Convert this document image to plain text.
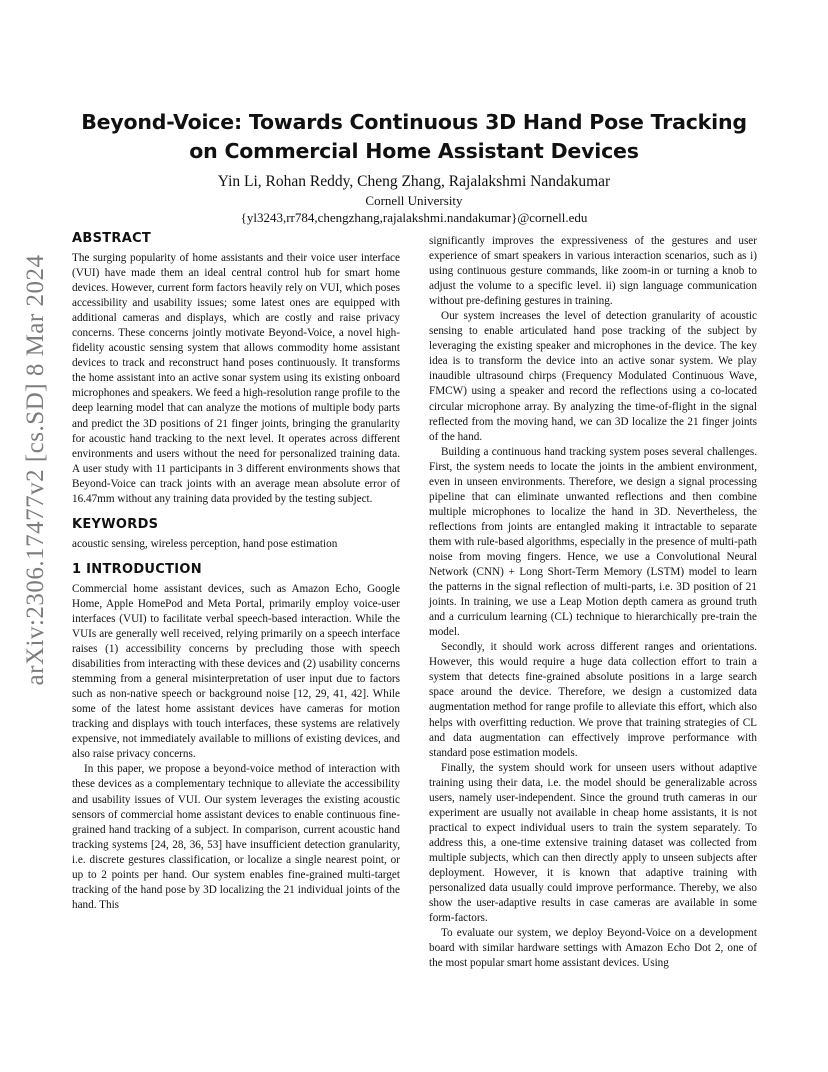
arXiv:2306.17477v2 [cs.SD] 8 Mar 2024
Beyond-Voice: Towards Continuous 3D Hand Pose Tracking on Commercial Home Assistant Devices
Yin Li, Rohan Reddy, Cheng Zhang, Rajalakshmi Nandakumar
Cornell University
{yl3243,rr784,chengzhang,rajalakshmi.nandakumar}@cornell.edu
ABSTRACT

The surging popularity of home assistants and their voice user interface (VUI) have made them an ideal central control hub for smart home devices. However, current form factors heavily rely on VUI, which poses accessibility and usability issues; some latest ones are equipped with additional cameras and displays, which are costly and raise privacy concerns. These concerns jointly motivate Beyond-Voice, a novel high-fidelity acoustic sensing system that allows commodity home assistant devices to track and reconstruct hand poses continuously. It transforms the home assistant into an active sonar system using its existing onboard microphones and speakers. We feed a high-resolution range profile to the deep learning model that can analyze the motions of multiple body parts and predict the 3D positions of 21 finger joints, bringing the granularity for acoustic hand tracking to the next level. It operates across different environments and users without the need for personalized training data. A user study with 11 participants in 3 different environments shows that Beyond-Voice can track joints with an average mean absolute error of 16.47mm without any training data provided by the testing subject.

KEYWORDS

acoustic sensing, wireless perception, hand pose estimation

1 INTRODUCTION

Commercial home assistant devices, such as Amazon Echo, Google Home, Apple HomePod and Meta Portal, primarily employ voice-user interfaces (VUI) to facilitate verbal speech-based interaction. While the VUIs are generally well received, relying primarily on a speech interface raises (1) accessibility concerns by precluding those with speech disabilities from interacting with these devices and (2) usability concerns stemming from a general misinterpretation of user input due to factors such as non-native speech or background noise [12, 29, 41, 42]. While some of the latest home assistant devices have cameras for motion tracking and displays with touch interfaces, these systems are relatively expensive, not immediately available to millions of existing devices, and also raise privacy concerns.

In this paper, we propose a beyond-voice method of interaction with these devices as a complementary technique to alleviate the accessibility and usability issues of VUI. Our system leverages the existing acoustic sensors of commercial home assistant devices to enable continuous fine-grained hand tracking of a subject. In comparison, current acoustic hand tracking systems [24, 28, 36, 53] have insufficient detection granularity, i.e. discrete gestures classification, or localize a single nearest point, or up to 2 points per hand. Our system enables fine-grained multi-target tracking of the hand pose by 3D localizing the 21 individual joints of the hand. This

significantly improves the expressiveness of the gestures and user experience of smart speakers in various interaction scenarios, such as i) using continuous gesture commands, like zoom-in or turning a knob to adjust the volume to a specific level. ii) sign language communication without pre-defining gestures in training.

Our system increases the level of detection granularity of acoustic sensing to enable articulated hand pose tracking of the subject by leveraging the existing speaker and microphones in the device. The key idea is to transform the device into an active sonar system. We play inaudible ultrasound chirps (Frequency Modulated Continuous Wave, FMCW) using a speaker and record the reflections using a co-located circular microphone array. By analyzing the time-of-flight in the signal reflected from the moving hand, we can 3D localize the 21 finger joints of the hand.

Building a continuous hand tracking system poses several challenges. First, the system needs to locate the joints in the ambient environment, even in unseen environments. Therefore, we design a signal processing pipeline that can eliminate unwanted reflections and then combine multiple microphones to localize the hand in 3D. Nevertheless, the reflections from joints are entangled making it intractable to separate them with rule-based algorithms, especially in the presence of multi-path noise from moving fingers. Hence, we use a Convolutional Neural Network (CNN) + Long Short-Term Memory (LSTM) model to learn the patterns in the signal reflection of multi-parts, i.e. 3D position of 21 joints. In training, we use a Leap Motion depth camera as ground truth and a curriculum learning (CL) technique to hierarchically pre-train the model.

Secondly, it should work across different ranges and orientations. However, this would require a huge data collection effort to train a system that detects fine-grained absolute positions in a large search space around the device. Therefore, we design a customized data augmentation method for range profile to alleviate this effort, which also helps with overfitting reduction. We prove that training strategies of CL and data augmentation can effectively improve performance with standard pose estimation models.

Finally, the system should work for unseen users without adaptive training using their data, i.e. the model should be generalizable across users, namely user-independent. Since the ground truth cameras in our experiment are usually not available in cheap home assistants, it is not practical to expect individual users to train the system separately. To address this, a one-time extensive training dataset was collected from multiple subjects, which can then directly apply to unseen subjects after deployment. However, it is known that adaptive training with personalized data usually could improve performance. Thereby, we also show the user-adaptive results in case cameras are available in some form-factors.

To evaluate our system, we deploy Beyond-Voice on a development board with similar hardware settings with Amazon Echo Dot 2, one of the most popular smart home assistant devices. Using
